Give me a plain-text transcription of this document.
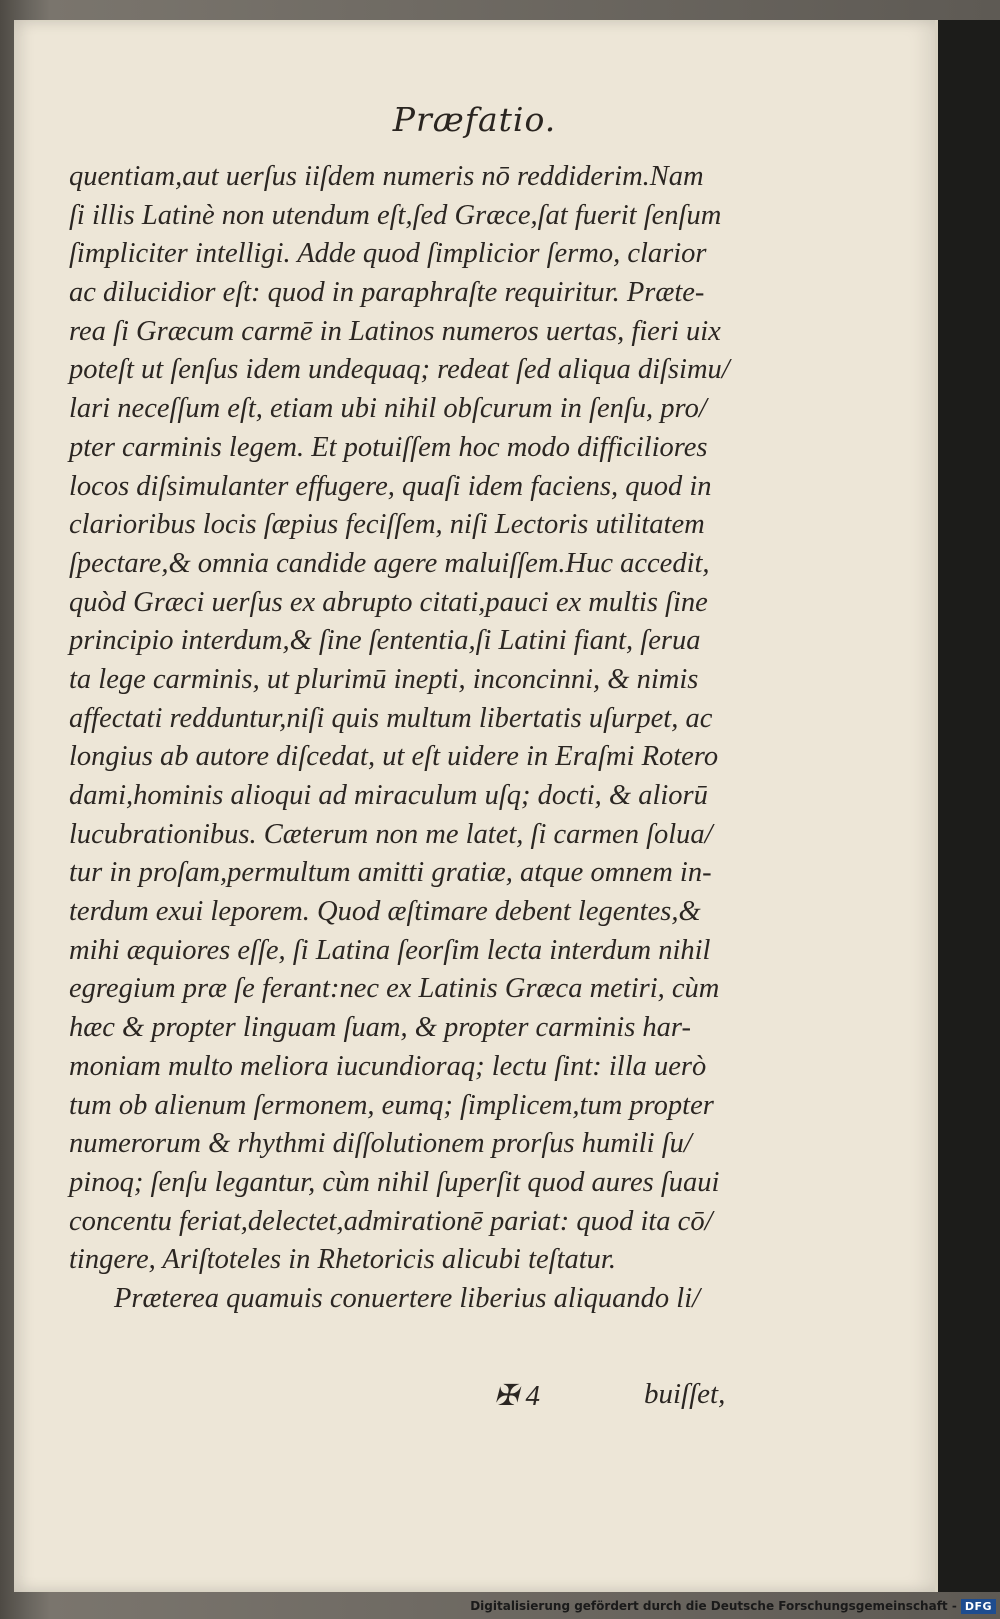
Præfatio.
quentiam,aut uerſus iiſdem numeris nō reddiderim.Nam
ſi illis Latinè non utendum eſt,ſed Græce,ſat fuerit ſenſum
ſimpliciter intelligi. Adde quod ſimplicior ſermo, clarior
ac dilucidior eſt: quod in paraphraſte requiritur. Præte-
rea ſi Græcum carmē in Latinos numeros uertas, fieri uix
poteſt ut ſenſus idem undequaq; redeat ſed aliqua diſsimu/
lari neceſſum eſt, etiam ubi nihil obſcurum in ſenſu, pro/
pter carminis legem. Et potuiſſem hoc modo difficiliores
locos diſsimulanter effugere, quaſi idem faciens, quod in
clarioribus locis ſæpius feciſſem, niſi Lectoris utilitatem
ſpectare,& omnia candide agere maluiſſem.Huc accedit,
quòd Græci uerſus ex abrupto citati,pauci ex multis ſine
principio interdum,& ſine ſententia,ſi Latini fiant, ſerua
ta lege carminis, ut plurimū inepti, inconcinni, & nimis
affectati redduntur,niſi quis multum libertatis uſurpet, ac
longius ab autore diſcedat, ut eſt uidere in Eraſmi Rotero
dami,hominis alioqui ad miraculum uſq; docti, & aliorū
lucubrationibus. Cæterum non me latet, ſi carmen ſolua/
tur in proſam,permultum amitti gratiæ, atque omnem in-
terdum exui leporem. Quod æſtimare debent legentes,&
mihi æquiores eſſe, ſi Latina ſeorſim lecta interdum nihil
egregium præ ſe ferant:nec ex Latinis Græca metiri, cùm
hæc & propter linguam ſuam, & propter carminis har-
moniam multo meliora iucundioraq; lectu ſint: illa uerò
tum ob alienum ſermonem, eumq; ſimplicem,tum propter
numerorum & rhythmi diſſolutionem prorſus humili ſu/
pinoq; ſenſu legantur, cùm nihil ſuperſit quod aures ſuaui
concentu feriat,delectet,admirationē pariat: quod ita cō/
tingere, Ariſtoteles in Rhetoricis alicubi teſtatur.
Præterea quamuis conuertere liberius aliquando li/
✠ 4	buiſſet,
Digitalisierung gefördert durch die Deutsche Forschungsgemeinschaft - DFG
